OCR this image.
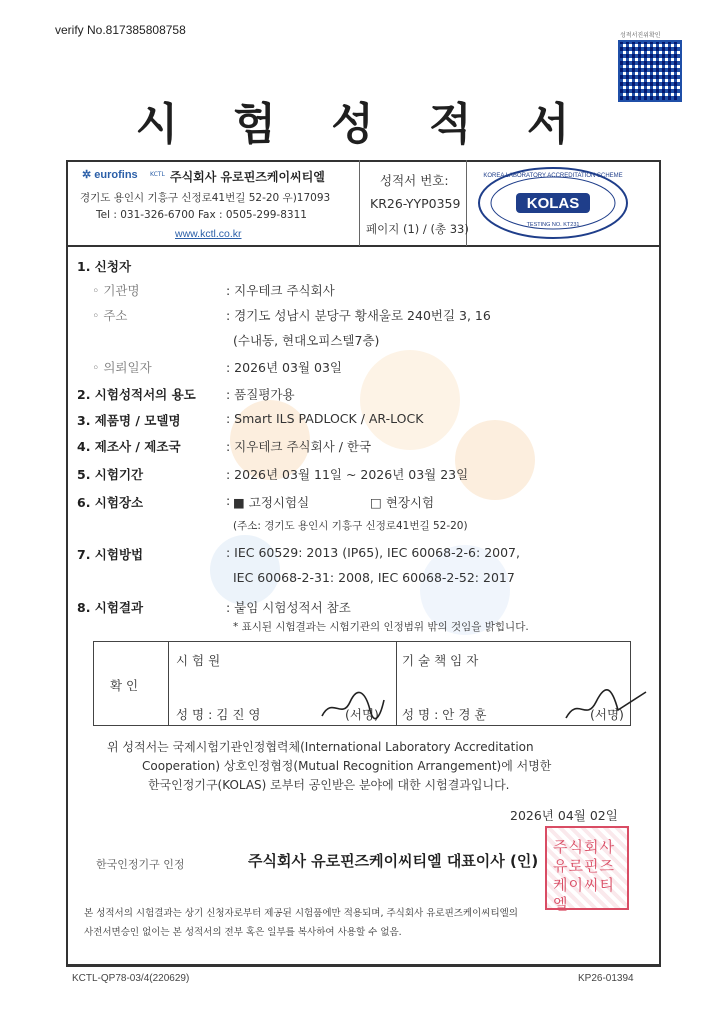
verify No.817385808758	성적서진위확인
시 험 성 적 서
✲ eurofins KCTL 주식회사 유로핀즈케이씨티엘
경기도 용인시 기흥구 신정로41번길 52-20 우)17093
Tel : 031-326-6700 Fax : 0505-299-8311
www.kctl.co.kr
성적서 번호:
KR26-YYP0359
페이지 (1) / (총 33)
KOLAS
KOREA LABORATORY ACCREDITATION SCHEME
TESTING NO. KT231
1. 신청자
◦ 기관명	: 지우테크 주식회사
◦ 주소	: 경기도 성남시 분당구 황새울로 240번길 3, 16
(수내동, 현대오피스텔7층)
◦ 의뢰일자	: 2026년 03월 03일
2. 시험성적서의 용도 : 품질평가용
3. 제품명 / 모델명	: Smart ILS PADLOCK / AR-LOCK
4. 제조사 / 제조국	: 지우테크 주식회사 / 한국
5. 시험기간	: 2026년 03월 11일 ~ 2026년 03월 23일
6. 시험장소	: ■ 고정시험실	□ 현장시험
(주소: 경기도 용인시 기흥구 신정로41번길 52-20)
7. 시험방법	: IEC 60529: 2013 (IP65), IEC 60068-2-6: 2007,
IEC 60068-2-31: 2008, IEC 60068-2-52: 2017
8. 시험결과	: 붙임 시험성적서 참조
* 표시된 시험결과는 시험기관의 인정범위 밖의 것임을 밝힙니다.
확 인
시 험 원
성 명 : 김 진 영	(서명)
기 술 책 임 자
성 명 : 안 경 훈	(서명)
위 성적서는 국제시험기관인정협력체(International Laboratory Accreditation
Cooperation) 상호인정협정(Mutual Recognition Arrangement)에 서명한
한국인정기구(KOLAS) 로부터 공인받은 분야에 대한 시험결과입니다.
2026년 04월 02일
한국인정기구 인정	주식회사 유로핀즈케이씨티엘 대표이사 (인)
주식회사유로핀즈케이씨티엘
본 성적서의 시험결과는 상기 신청자로부터 제공된 시험품에만 적용되며, 주식회사 유로핀즈케이씨티엘의
사전서면승인 없이는 본 성적서의 전부 혹은 일부를 복사하여 사용할 수 없음.
KCTL-QP78-03/4(220629)	KP26-01394
